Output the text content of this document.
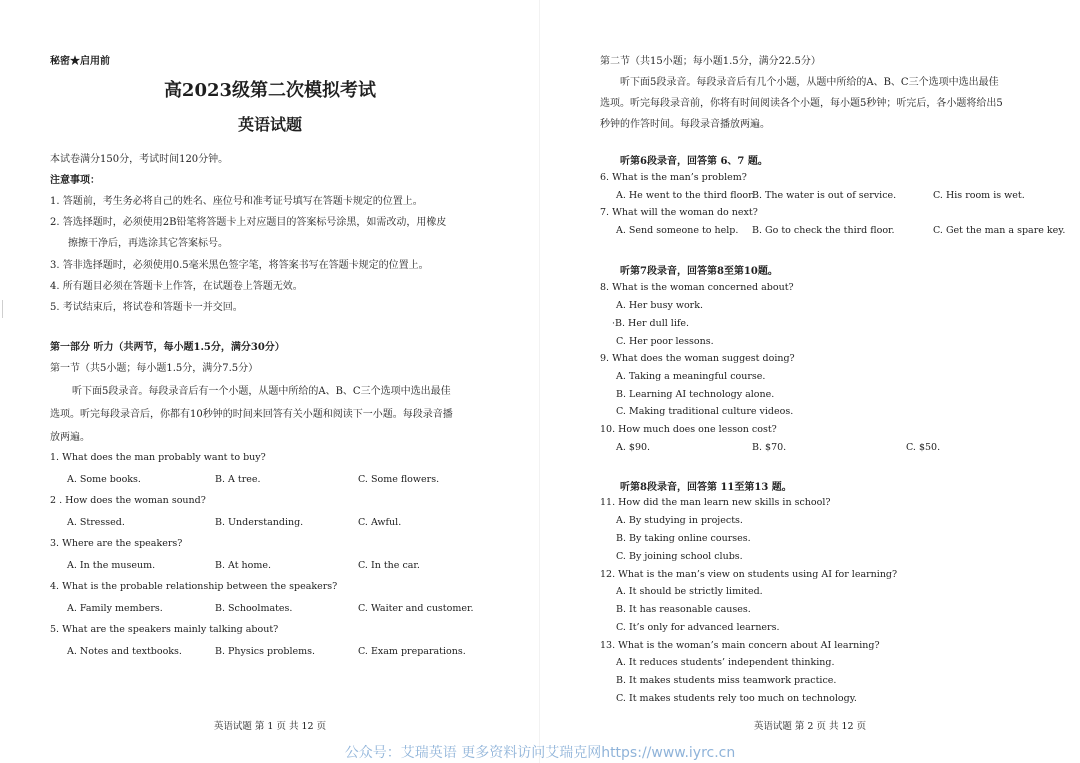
秘密★启用前
高2023级第二次模拟考试
英语试题
本试卷满分150分，考试时间120分钟。
注意事项：
1. 答题前，考生务必将自己的姓名、座位号和准考证号填写在答题卡规定的位置上。
2. 答选择题时，必须使用2B铅笔将答题卡上对应题目的答案标号涂黑，如需改动，用橡皮
擦擦干净后，再选涂其它答案标号。
3. 答非选择题时，必须使用0.5毫米黑色签字笔，将答案书写在答题卡规定的位置上。
4. 所有题目必须在答题卡上作答，在试题卷上答题无效。
5. 考试结束后，将试卷和答题卡一并交回。
第一部分 听力（共两节，每小题1.5分，满分30分）
第一节（共5小题；每小题1.5分，满分7.5分）
听下面5段录音。每段录音后有一个小题，从题中所给的A、B、C三个选项中选出最佳
选项。听完每段录音后，你都有10秒钟的时间来回答有关小题和阅读下一小题。每段录音播
放两遍。
1. What does the man probably want to buy?
A. Some books.	B. A tree.	C. Some flowers.
2 . How does the woman sound?
A. Stressed.	B. Understanding.	C. Awful.
3. Where are the speakers?
A. In the museum.	B. At home.	C. In the car.
4. What is the probable relationship between the speakers?
A. Family members.	B. Schoolmates.	C. Waiter and customer.
5. What are the speakers mainly talking about?
A. Notes and textbooks.	B. Physics problems.	C. Exam preparations.
英语试题 第 1 页 共 12 页
第二节（共15小题；每小题1.5分，满分22.5分）
听下面5段录音。每段录音后有几个小题，从题中所给的A、B、C三个选项中选出最佳
选项。听完每段录音前，你将有时间阅读各个小题，每小题5秒钟；听完后，各小题将给出5
秒钟的作答时间。每段录音播放两遍。
听第6段录音，回答第 6、7 题。
6. What is the man’s problem?
A. He went to the third floor.
B. The water is out of service.	C. His room is wet.
7. What will the woman do next?
A. Send someone to help. B. Go to check the third floor.	C. Get the man a spare key.
听第7段录音，回答第8至第10题。
8. What is the woman concerned about?
A. Her busy work.
·B. Her dull life.
C. Her poor lessons.
9. What does the woman suggest doing?
A. Taking a meaningful course.
B. Learning AI technology alone.
C. Making traditional culture videos.
10. How much does one lesson cost?
A. $90.	B. $70.	C. $50.
听第8段录音，回答第 11至第13 题。
11. How did the man learn new skills in school?
A. By studying in projects.
B. By taking online courses.
C. By joining school clubs.
12. What is the man’s view on students using AI for learning?
A. It should be strictly limited.
B. It has reasonable causes.
C. It’s only for advanced learners.
13. What is the woman’s main concern about AI learning?
A. It reduces students’ independent thinking.
B. It makes students miss teamwork practice.
C. It makes students rely too much on technology.
英语试题 第 2 页 共 12 页
公众号：艾瑞英语 更多资料访问艾瑞克网https://www.iyrc.cn
